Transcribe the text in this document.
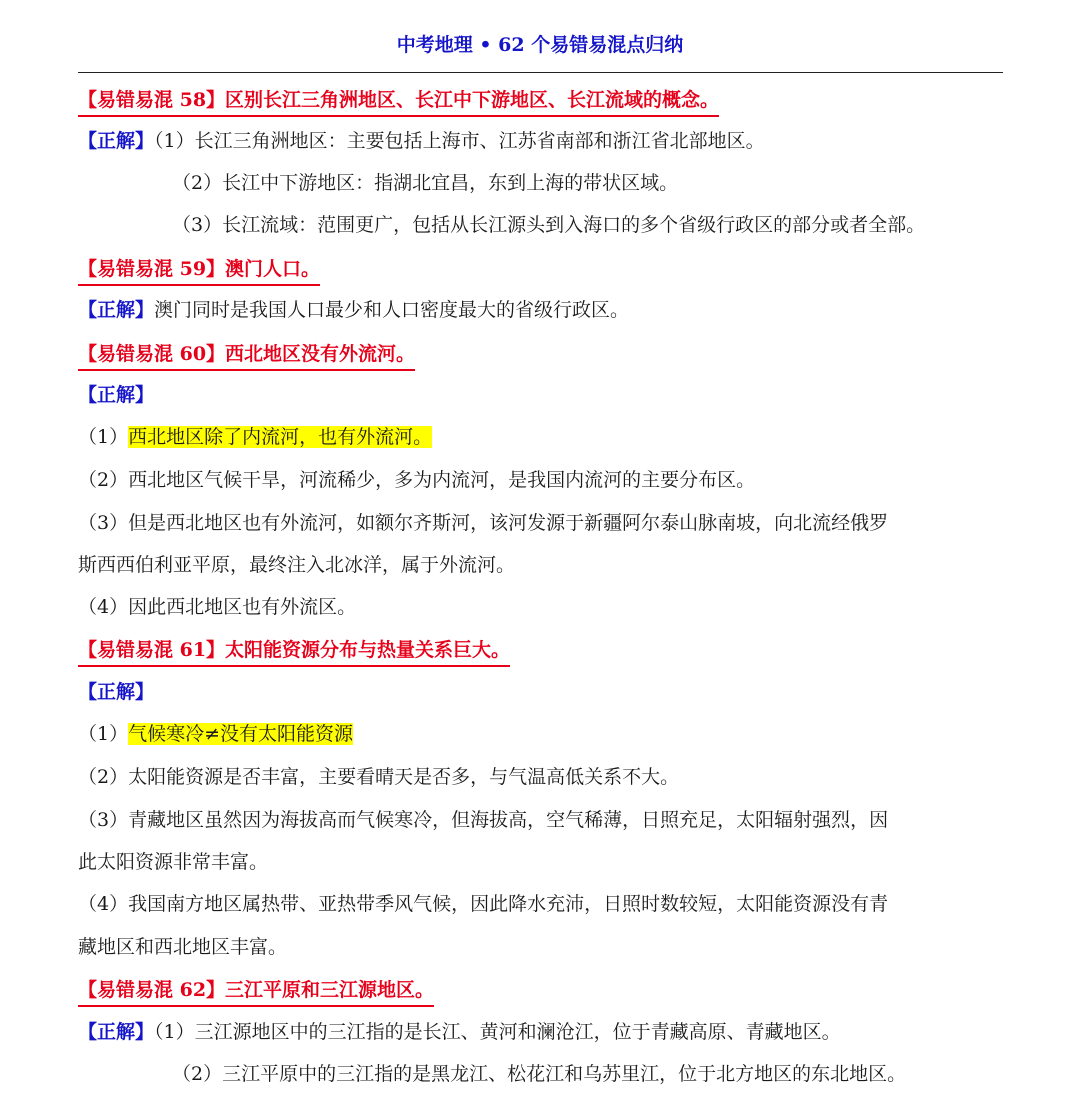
中考地理 • 62 个易错易混点归纳
【易错易混 58】区别长江三角洲地区、长江中下游地区、长江流域的概念。
【正解】（1）长江三角洲地区：主要包括上海市、江苏省南部和浙江省北部地区。
（2）长江中下游地区：指湖北宜昌，东到上海的带状区域。
（3）长江流域：范围更广，包括从长江源头到入海口的多个省级行政区的部分或者全部。
【易错易混 59】澳门人口。
【正解】澳门同时是我国人口最少和人口密度最大的省级行政区。
【易错易混 60】西北地区没有外流河。
【正解】
（1）西北地区除了内流河，也有外流河。
（2）西北地区气候干旱，河流稀少，多为内流河，是我国内流河的主要分布区。
（3）但是西北地区也有外流河，如额尔齐斯河，该河发源于新疆阿尔泰山脉南坡，向北流经俄罗
斯西西伯利亚平原，最终注入北冰洋，属于外流河。
（4）因此西北地区也有外流区。
【易错易混 61】太阳能资源分布与热量关系巨大。
【正解】
（1）气候寒冷≠没有太阳能资源
（2）太阳能资源是否丰富，主要看晴天是否多，与气温高低关系不大。
（3）青藏地区虽然因为海拔高而气候寒冷，但海拔高，空气稀薄，日照充足，太阳辐射强烈，因
此太阳资源非常丰富。
（4）我国南方地区属热带、亚热带季风气候，因此降水充沛，日照时数较短，太阳能资源没有青
藏地区和西北地区丰富。
【易错易混 62】三江平原和三江源地区。
【正解】（1）三江源地区中的三江指的是长江、黄河和澜沧江，位于青藏高原、青藏地区。
（2）三江平原中的三江指的是黑龙江、松花江和乌苏里江，位于北方地区的东北地区。
